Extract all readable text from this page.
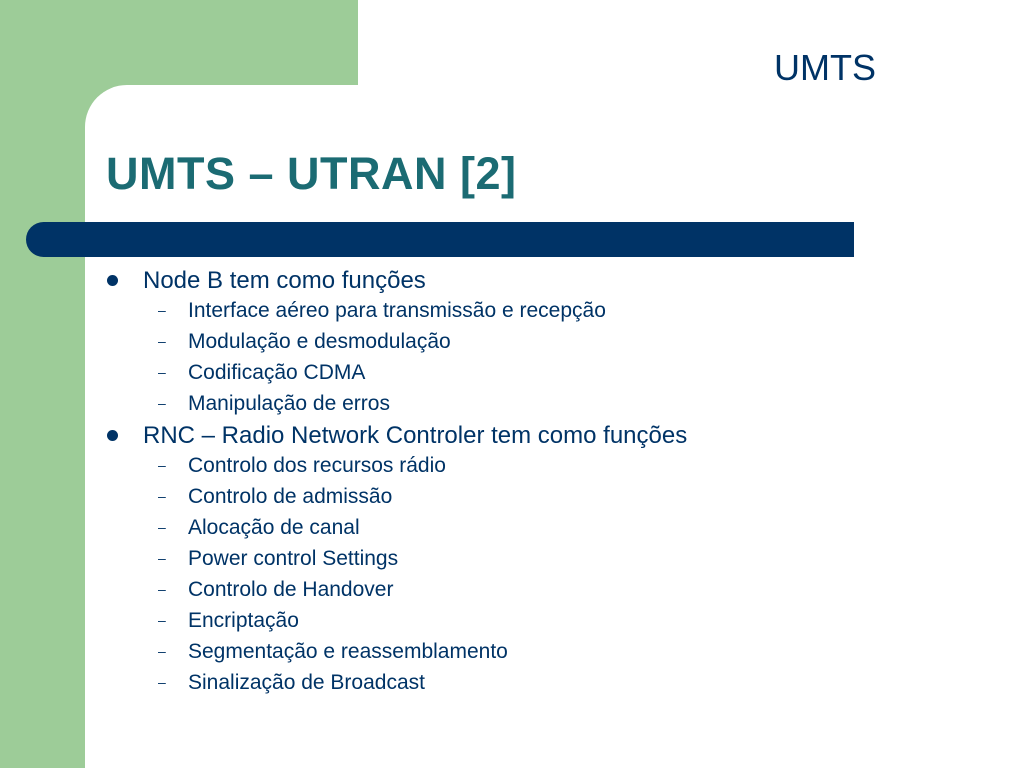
UMTS
UMTS – UTRAN [2]
Node B tem como funções
– Interface aéreo para transmissão e recepção
– Modulação e desmodulação
– Codificação CDMA
– Manipulação de erros
RNC – Radio Network Controler tem como funções
– Controlo dos recursos rádio
– Controlo de admissão
– Alocação de canal
– Power control Settings
– Controlo de Handover
– Encriptação
– Segmentação e reassemblamento
– Sinalização de Broadcast
